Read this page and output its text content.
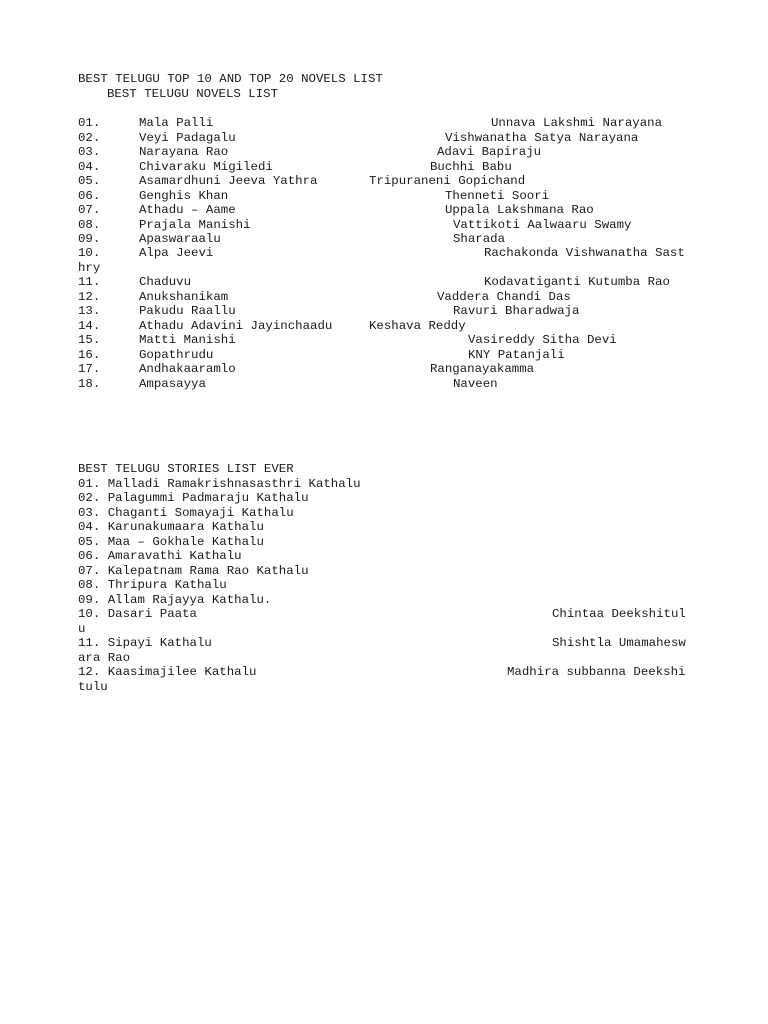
BEST TELUGU TOP 10 AND TOP 20 NOVELS LIST
BEST TELUGU NOVELS LIST
BEST TELUGU STORIES LIST EVER
01.	Mala Palli	Unnava Lakshmi Narayana
02.	Veyi Padagalu	Vishwanatha Satya Narayana
03.	Narayana Rao	Adavi Bapiraju
04.	Chivaraku Migiledi	Buchhi Babu
05.	Asamardhuni Jeeva Yathra	Tripuraneni Gopichand
06.	Genghis Khan	Thenneti Soori
07.	Athadu – Aame	Uppala Lakshmana Rao
08.	Prajala Manishi	Vattikoti Aalwaaru Swamy
09.	Apaswaraalu	Sharada
10.	Alpa Jeevi	Rachakonda Vishwanatha Sast
hry
11.	Chaduvu	Kodavatiganti Kutumba Rao
12.	Anukshanikam	Vaddera Chandi Das
13.	Pakudu Raallu	Ravuri Bharadwaja
14.	Athadu Adavini Jayinchaadu	Keshava Reddy
15.	Matti Manishi	Vasireddy Sitha Devi
16.	Gopathrudu	KNY Patanjali
17.	Andhakaaramlo	Ranganayakamma
18.	Ampasayya	Naveen
01. Malladi Ramakrishnasasthri Kathalu
02. Palagummi Padmaraju Kathalu
03. Chaganti Somayaji Kathalu
04. Karunakumaara Kathalu
05. Maa – Gokhale Kathalu
06. Amaravathi Kathalu
07. Kalepatnam Rama Rao Kathalu
08. Thripura Kathalu
09. Allam Rajayya Kathalu.
10. Dasari Paata	Chintaa Deekshitul
u
11. Sipayi Kathalu	Shishtla Umamahesw
ara Rao
12. Kaasimajilee Kathalu	Madhira subbanna Deekshi
tulu
